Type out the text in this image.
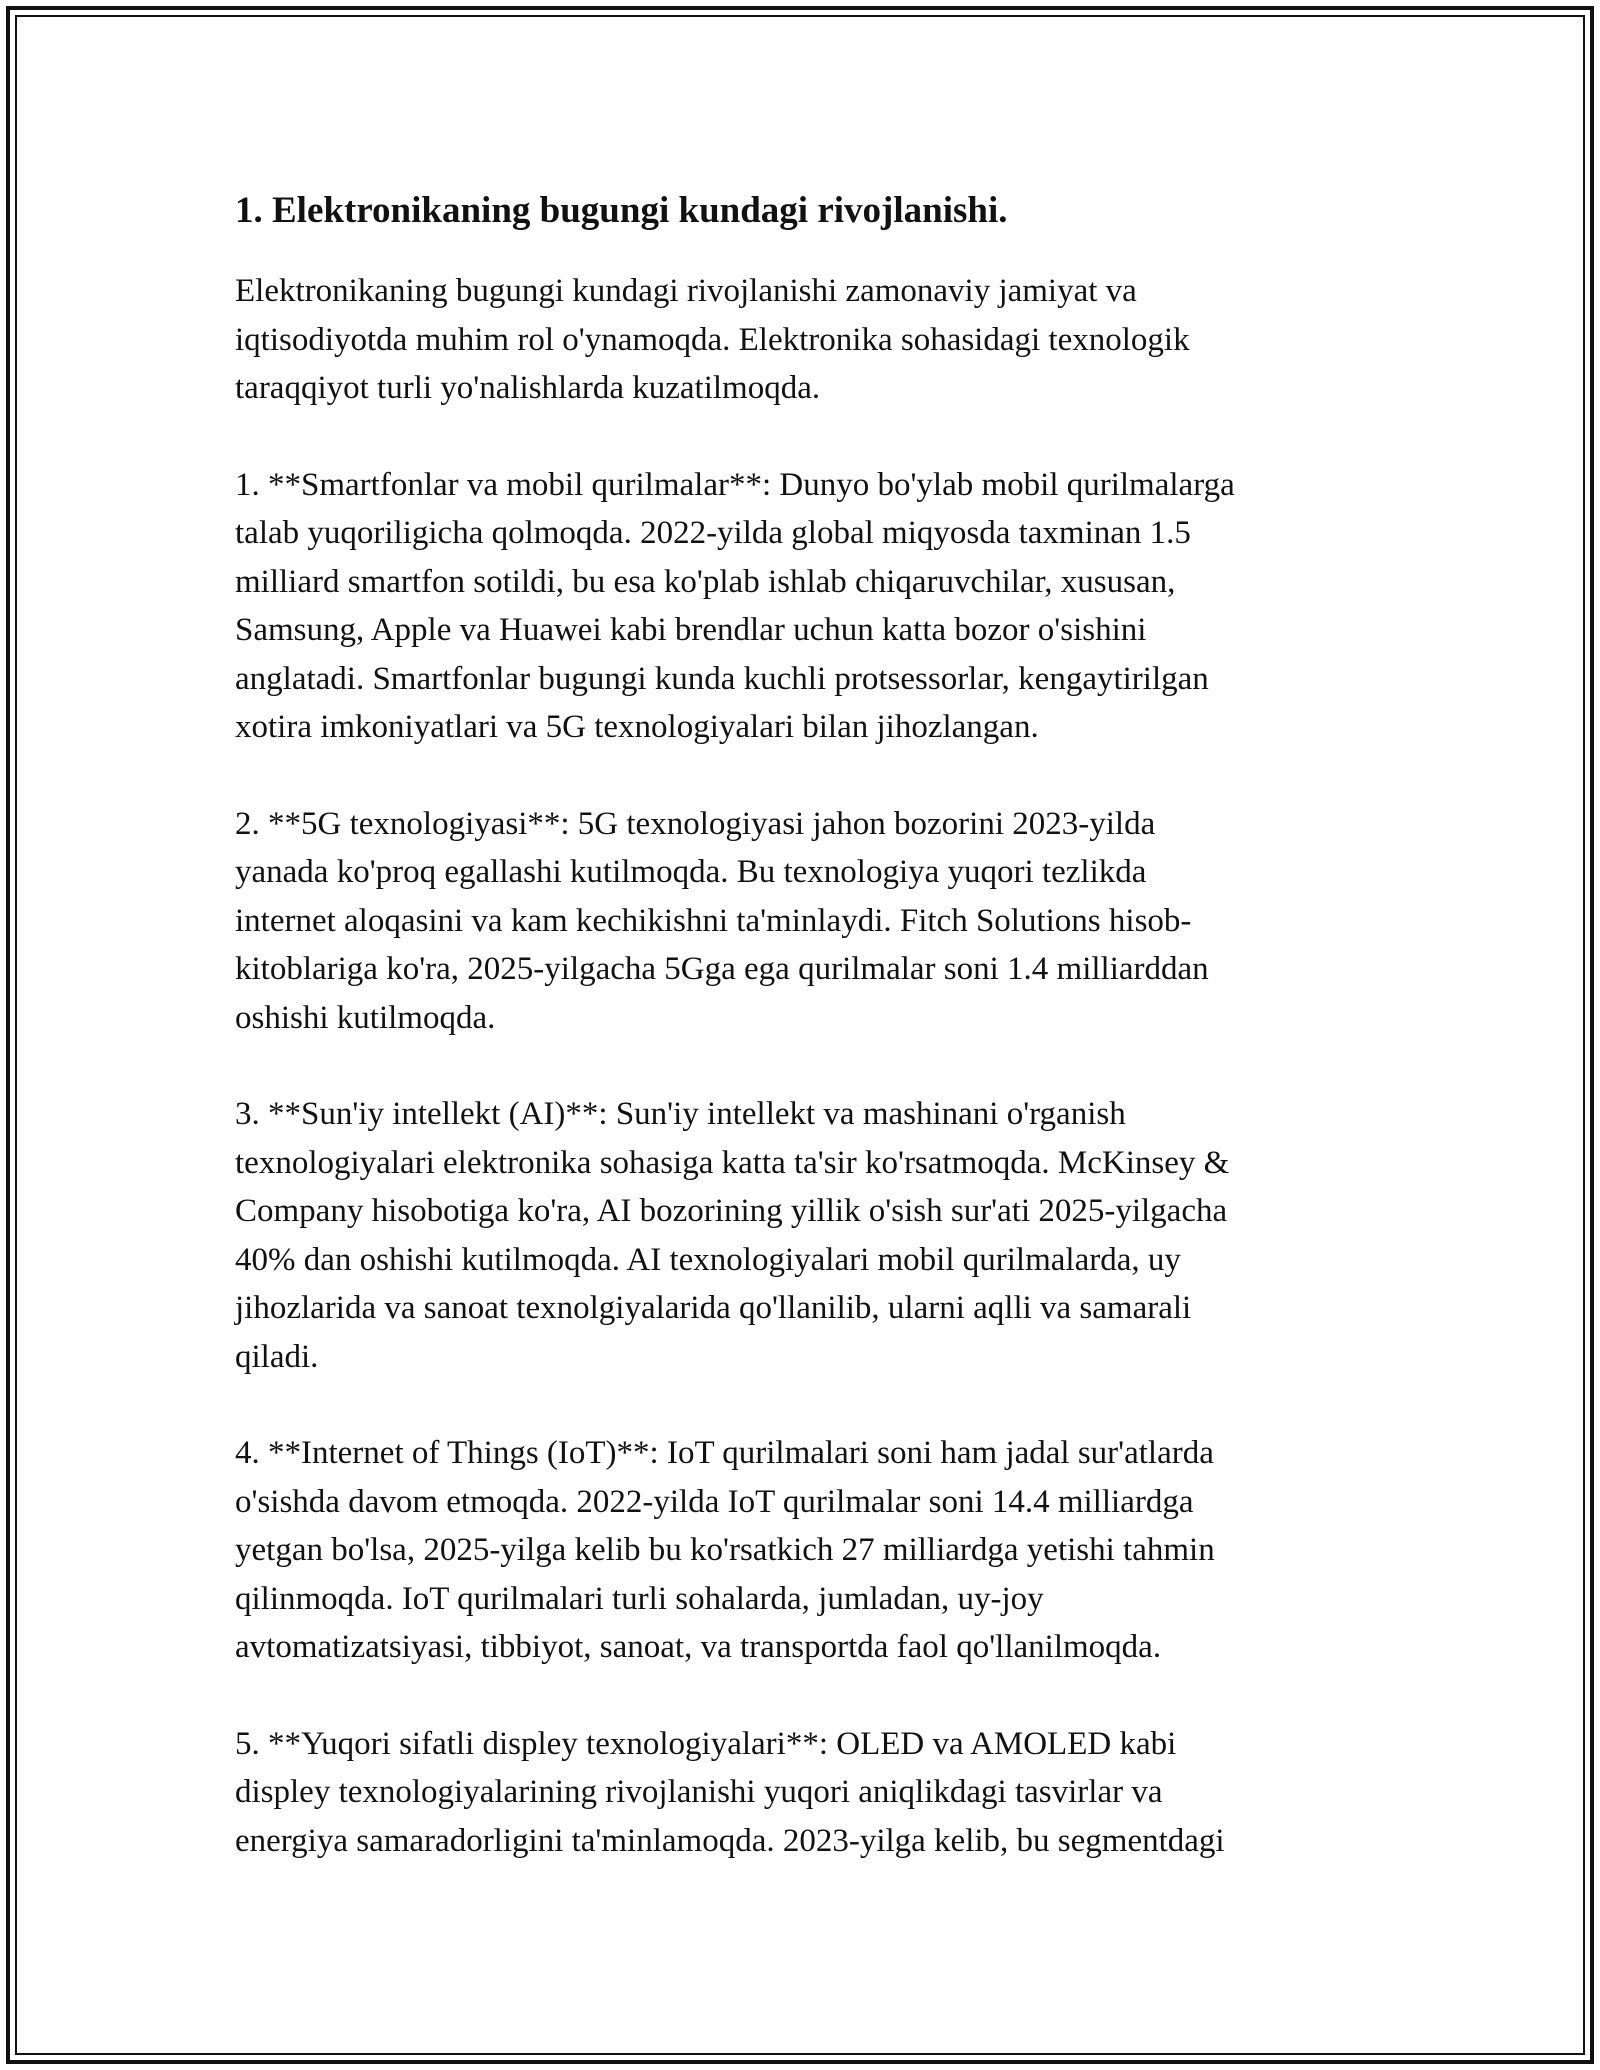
1. Elektronikaning bugungi kundagi rivojlanishi.

Elektronikaning bugungi kundagi rivojlanishi zamonaviy jamiyat va
iqtisodiyotda muhim rol o'ynamoqda. Elektronika sohasidagi texnologik
taraqqiyot turli yo'nalishlarda kuzatilmoqda.

1. **Smartfonlar va mobil qurilmalar**: Dunyo bo'ylab mobil qurilmalarga
talab yuqoriligicha qolmoqda. 2022-yilda global miqyosda taxminan 1.5
milliard smartfon sotildi, bu esa ko'plab ishlab chiqaruvchilar, xususan,
Samsung, Apple va Huawei kabi brendlar uchun katta bozor o'sishini
anglatadi. Smartfonlar bugungi kunda kuchli protsessorlar, kengaytirilgan
xotira imkoniyatlari va 5G texnologiyalari bilan jihozlangan.

2. **5G texnologiyasi**: 5G texnologiyasi jahon bozorini 2023-yilda
yanada ko'proq egallashi kutilmoqda. Bu texnologiya yuqori tezlikda
internet aloqasini va kam kechikishni ta'minlaydi. Fitch Solutions hisob-
kitoblariga ko'ra, 2025-yilgacha 5Gga ega qurilmalar soni 1.4 milliarddan
oshishi kutilmoqda.

3. **Sun'iy intellekt (AI)**: Sun'iy intellekt va mashinani o'rganish
texnologiyalari elektronika sohasiga katta ta'sir ko'rsatmoqda. McKinsey &
Company hisobotiga ko'ra, AI bozorining yillik o'sish sur'ati 2025-yilgacha
40% dan oshishi kutilmoqda. AI texnologiyalari mobil qurilmalarda, uy
jihozlarida va sanoat texnolgiyalarida qo'llanilib, ularni aqlli va samarali
qiladi.

4. **Internet of Things (IoT)**: IoT qurilmalari soni ham jadal sur'atlarda
o'sishda davom etmoqda. 2022-yilda IoT qurilmalar soni 14.4 milliardga
yetgan bo'lsa, 2025-yilga kelib bu ko'rsatkich 27 milliardga yetishi tahmin
qilinmoqda. IoT qurilmalari turli sohalarda, jumladan, uy-joy
avtomatizatsiyasi, tibbiyot, sanoat, va transportda faol qo'llanilmoqda.

5. **Yuqori sifatli displey texnologiyalari**: OLED va AMOLED kabi
displey texnologiyalarining rivojlanishi yuqori aniqlikdagi tasvirlar va
energiya samaradorligini ta'minlamoqda. 2023-yilga kelib, bu segmentdagi
